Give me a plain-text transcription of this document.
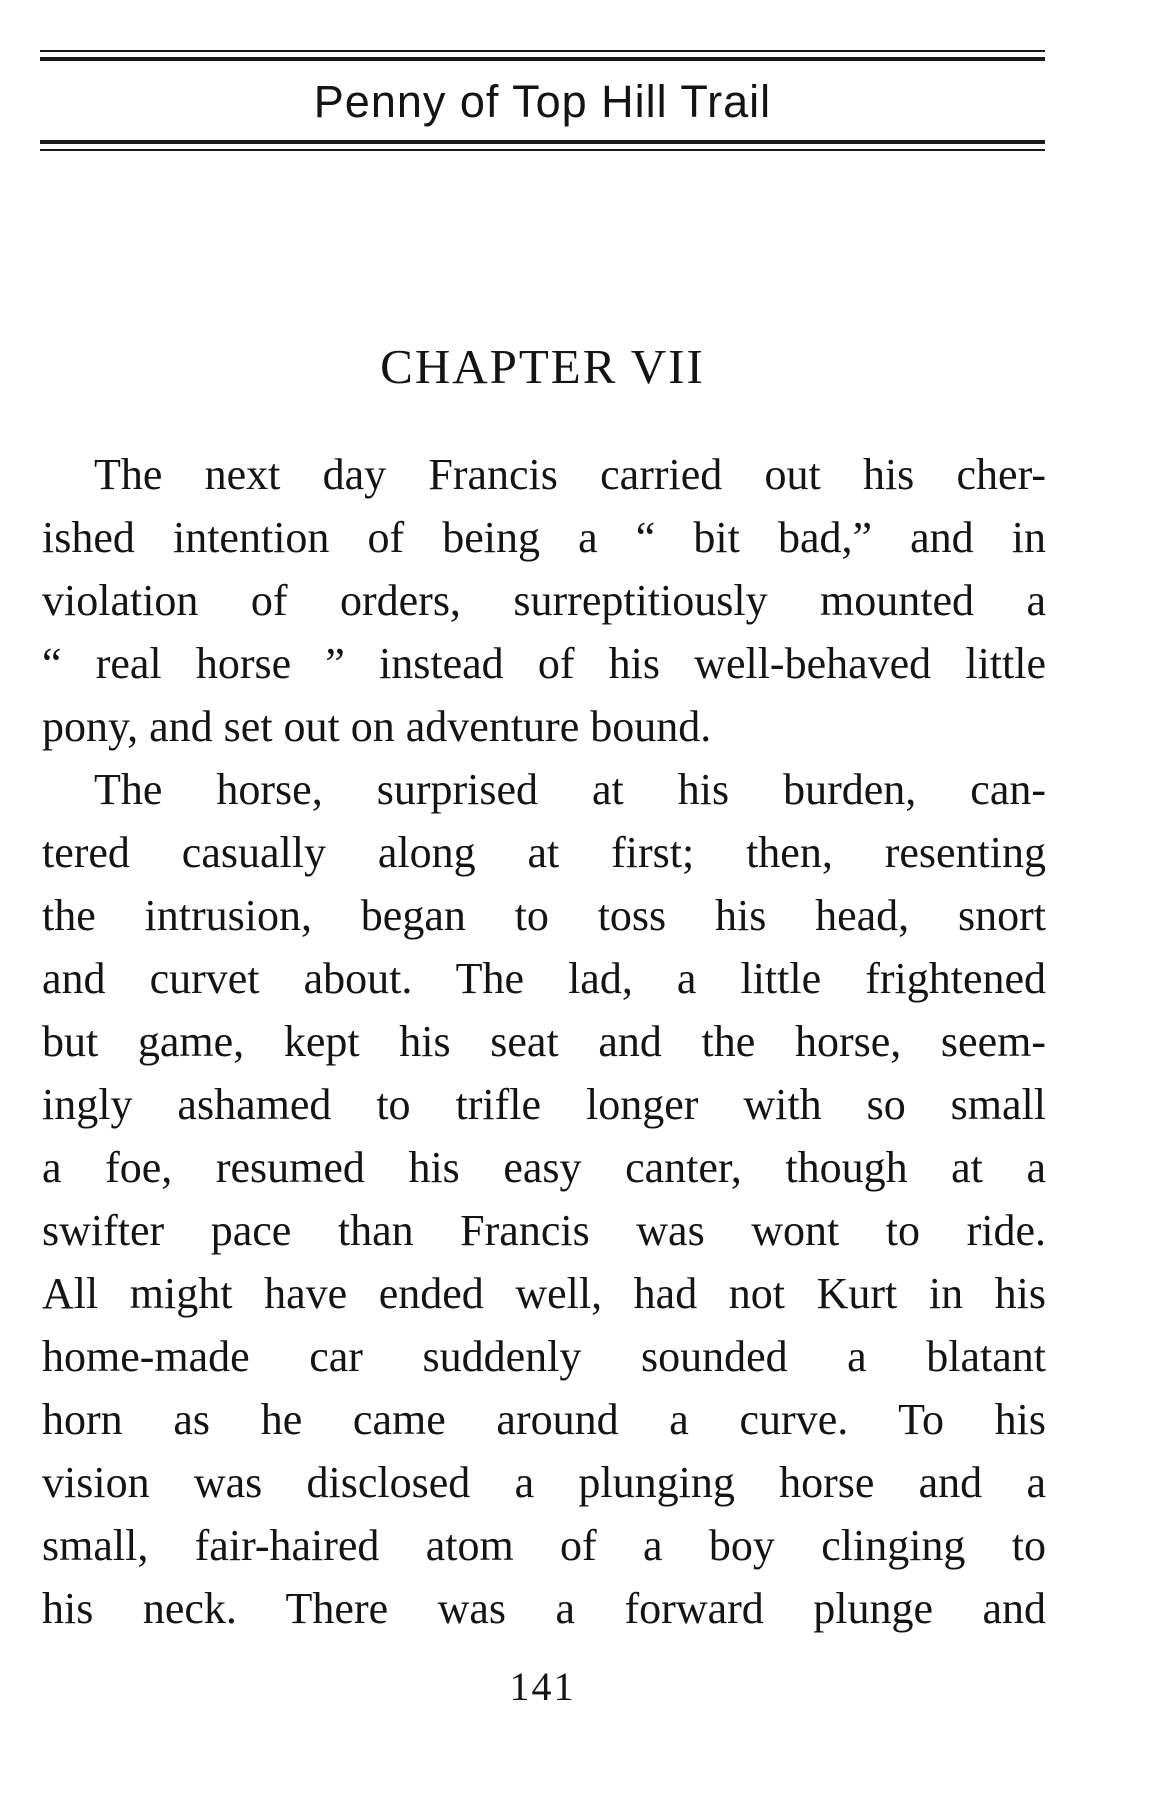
Penny of Top Hill Trail
CHAPTER VII
The next day Francis carried out his cher-
ished intention of being a “ bit bad,” and in
violation of orders, surreptitiously mounted a
“ real horse ” instead of his well-behaved little
pony, and set out on adventure bound.
The horse, surprised at his burden, can-
tered casually along at first; then, resenting
the intrusion, began to toss his head, snort
and curvet about. The lad, a little frightened
but game, kept his seat and the horse, seem-
ingly ashamed to trifle longer with so small
a foe, resumed his easy canter, though at a
swifter pace than Francis was wont to ride.
All might have ended well, had not Kurt in his
home-made car suddenly sounded a blatant
horn as he came around a curve. To his
vision was disclosed a plunging horse and a
small, fair-haired atom of a boy clinging to
his neck. There was a forward plunge and
141
